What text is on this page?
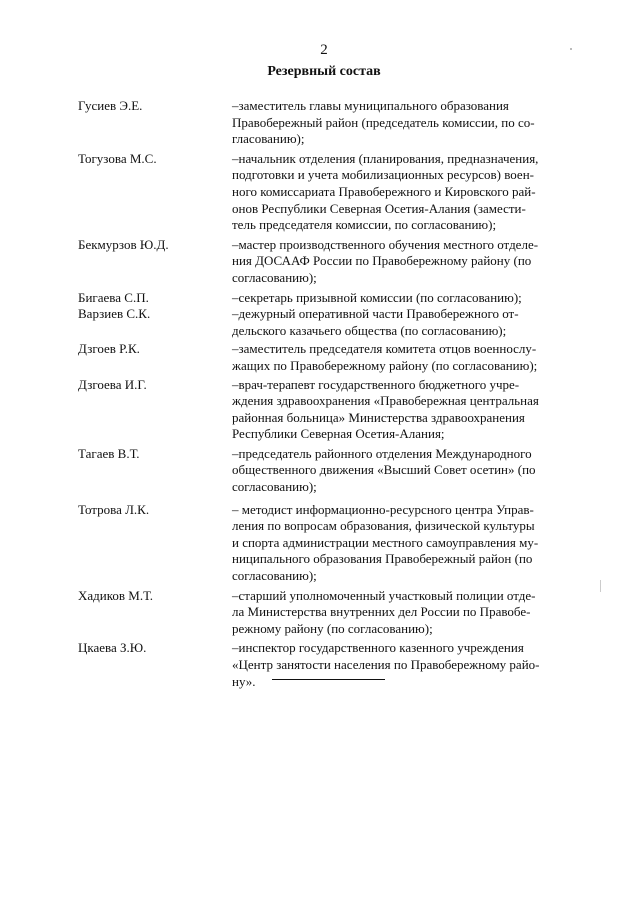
2
Резервный состав
Гусиев Э.Е.	–заместитель главы муниципального образования
Правобережный район (председатель комиссии, по со-
гласованию);
Тогузова М.С.	–начальник отделения (планирования, предназначения,
подготовки и учета мобилизационных ресурсов) воен-
ного комиссариата Правобережного и Кировского рай-
онов Республики Северная Осетия-Алания (замести-
тель председателя комиссии, по согласованию);
Бекмурзов Ю.Д.	–мастер производственного обучения местного отделе-
ния ДОСААФ России по Правобережному району (по
согласованию);
Бигаева С.П.	–секретарь призывной комиссии (по согласованию);
Варзиев С.К.	–дежурный оперативной части Правобережного от-
дельского казачьего общества (по согласованию);
Дзгоев Р.К.	–заместитель председателя комитета отцов военнослу-
жащих по Правобережному району (по согласованию);
Дзгоева И.Г.	–врач-терапевт государственного бюджетного учре-
ждения здравоохранения «Правобережная центральная
районная больница» Министерства здравоохранения
Республики Северная Осетия-Алания;
Тагаев В.Т.	–председатель районного отделения Международного
общественного движения «Высший Совет осетин» (по
согласованию);
Тотрова Л.К.	– методист информационно-ресурсного центра Управ-
ления по вопросам образования, физической культуры
и спорта администрации местного самоуправления му-
ниципального образования Правобережный район (по
согласованию);
Хадиков М.Т.	–старший уполномоченный участковый полиции отде-
ла Министерства внутренних дел России по Правобе-
режному району (по согласованию);
Цкаева З.Ю.	–инспектор государственного казенного учреждения
«Центр занятости населения по Правобережному райо-
ну».
